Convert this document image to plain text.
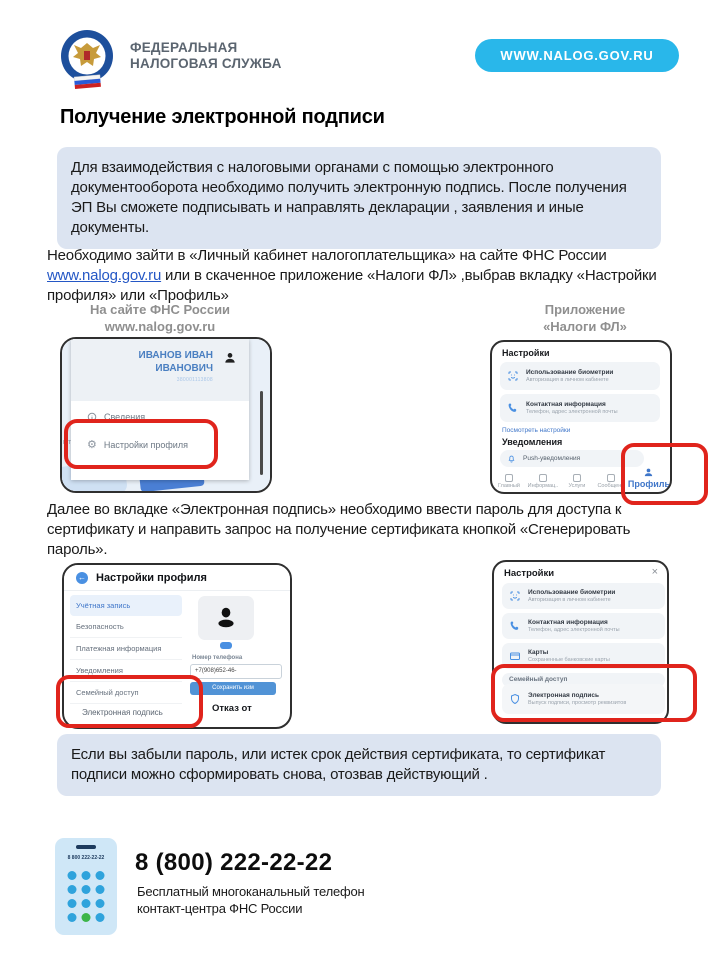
ФЕДЕРАЛЬНАЯ
НАЛОГОВАЯ СЛУЖБА
WWW.NALOG.GOV.RU
Получение электронной подписи
Для взаимодействия с налоговыми органами с помощью электронного документооборота необходимо получить электронную подпись. После получения ЭП Вы сможете подписывать и направлять декларации , заявления и иные документы.
Необходимо зайти в «Личный кабинет налогоплательщика» на сайте ФНС России www.nalog.gov.ru или в скаченное приложение «Налоги ФЛ» ,выбрав вкладку «Настройки профиля» или «Профиль»
На сайте ФНС России
www.nalog.gov.ru
Приложение
«Налоги ФЛ»
ыт
ИВАНОВ ИВАН ИВАНОВИЧ
380001113808
Сведения
⚙ Настройки профиля
Настройки
Использование биометрии
Авторизация в личном кабинете
Контактная информация
Телефон, адрес электронной почты
Посмотреть настройки
Уведомления
Push-уведомления
Главный	Информац..	Услуги	Сообщен.. Профиль
Далее во вкладке «Электронная подпись» необходимо ввести пароль для доступа к сертификату и направить запрос на получение сертификата кнопкой «Сгенерировать пароль».
← Настройки профиля
Учётная запись
Безопасность
Платежная информация
Уведомления
Семейный доступ
Электронная подпись
Номер телефона
+7(908)652-46-
Сохранить изм
Отказ от
Настройки	×
Использование биометрии
Авторизация в личном кабинете
Контактная информация
Телефон, адрес электронной почты
Карты
Сохраненные банковские карты
Семейный доступ
Электронная подпись
Выпуск подписи, просмотр реквизитов
Если вы забыли пароль, или истек срок действия сертификата, то сертификат подписи можно сформировать снова, отозвав действующий .
8 800 222-22-22	8 (800) 222-22-22
Бесплатный многоканальный телефон
контакт-центра ФНС России
